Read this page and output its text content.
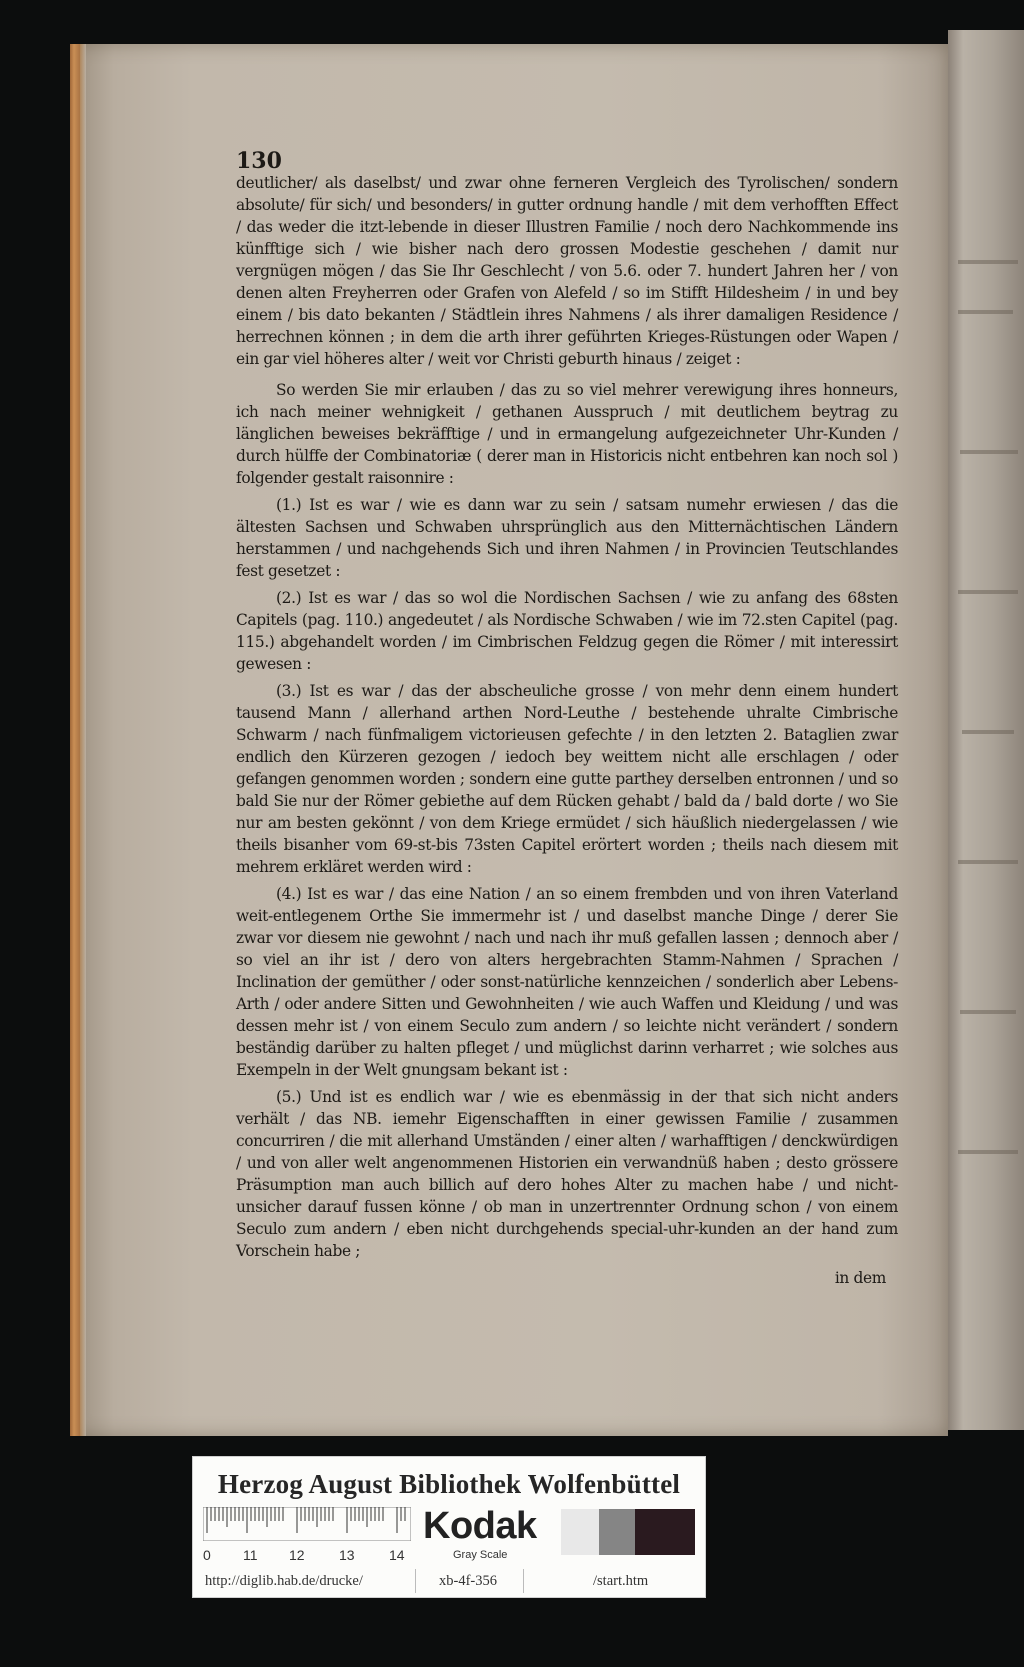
130

deutlicher/ als daselbst/ und zwar ohne ferneren Vergleich des Tyrolischen/ sondern absolute/ für sich/ und besonders/ in gutter ordnung handle / mit dem verhofften Effect / das weder die itzt-lebende in dieser Illustren Familie / noch dero Nachkommende ins künfftige sich / wie bisher nach dero grossen Modestie geschehen / damit nur vergnügen mögen / das Sie Ihr Geschlecht / von 5.6. oder 7. hundert Jahren her / von denen alten Freyherren oder Grafen von Alefeld / so im Stifft Hildesheim / in und bey einem / bis dato bekanten / Städtlein ihres Nahmens / als ihrer damaligen Residence / herrechnen können ; in dem die arth ihrer geführten Krieges-Rüstungen oder Wapen / ein gar viel höheres alter / weit vor Christi geburth hinaus / zeiget :

So werden Sie mir erlauben / das zu so viel mehrer verewigung ihres honneurs, ich nach meiner wehnigkeit / gethanen Ausspruch / mit deutlichem beytrag zu länglichen beweises bekräfftige / und in ermangelung aufgezeichneter Uhr-Kunden / durch hülffe der Combinatoriæ ( derer man in Historicis nicht entbehren kan noch sol ) folgender gestalt raisonnire :

(1.) Ist es war / wie es dann war zu sein / satsam numehr erwiesen / das die ältesten Sachsen und Schwaben uhrsprünglich aus den Mitternächtischen Ländern herstammen / und nachgehends Sich und ihren Nahmen / in Provincien Teutschlandes fest gesetzet :

(2.) Ist es war / das so wol die Nordischen Sachsen / wie zu anfang des 68sten Capitels (pag. 110.) angedeutet / als Nordische Schwaben / wie im 72.sten Capitel (pag. 115.) abgehandelt worden / im Cimbrischen Feldzug gegen die Römer / mit interessirt gewesen :

(3.) Ist es war / das der abscheuliche grosse / von mehr denn einem hundert tausend Mann / allerhand arthen Nord-Leuthe / bestehende uhralte Cimbrische Schwarm / nach fünfmaligem victorieusen gefechte / in den letzten 2. Bataglien zwar endlich den Kürzeren gezogen / iedoch bey weittem nicht alle erschlagen / oder gefangen genommen worden ; sondern eine gutte parthey derselben entronnen / und so bald Sie nur der Römer gebiethe auf dem Rücken gehabt / bald da / bald dorte / wo Sie nur am besten gekönnt / von dem Kriege ermüdet / sich häußlich niedergelassen / wie theils bisanher vom 69-st-bis 73sten Capitel erörtert worden ; theils nach diesem mit mehrem erkläret werden wird :

(4.) Ist es war / das eine Nation / an so einem frembden und von ihren Vaterland weit-entlegenem Orthe Sie immermehr ist / und daselbst manche Dinge / derer Sie zwar vor diesem nie gewohnt / nach und nach ihr muß gefallen lassen ; dennoch aber / so viel an ihr ist / dero von alters hergebrachten Stamm-Nahmen / Sprachen / Inclination der gemüther / oder sonst-natürliche kennzeichen / sonderlich aber Lebens-Arth / oder andere Sitten und Gewohnheiten / wie auch Waffen und Kleidung / und was dessen mehr ist / von einem Seculo zum andern / so leichte nicht verändert / sondern beständig darüber zu halten pfleget / und müglichst darinn verharret ; wie solches aus Exempeln in der Welt gnungsam bekant ist :

(5.) Und ist es endlich war / wie es ebenmässig in der that sich nicht anders verhält / das NB. iemehr Eigenschafften in einer gewissen Familie / zusammen concurriren / die mit allerhand Umständen / einer alten / warhafftigen / denckwürdigen / und von aller welt angenommenen Historien ein verwandnüß haben ; desto grössere Präsumption man auch billich auf dero hohes Alter zu machen habe / und nicht-unsicher darauf fussen könne / ob man in unzertrennter Ordnung schon / von einem Seculo zum andern / eben nicht durchgehends special-uhr-kunden an der hand zum Vorschein habe ;

in dem

Herzog August Bibliothek Wolfenbüttel
0 11 12 13 14
Kodak
Gray Scale
http://diglib.hab.de/drucke/	xb-4f-356	/start.htm
